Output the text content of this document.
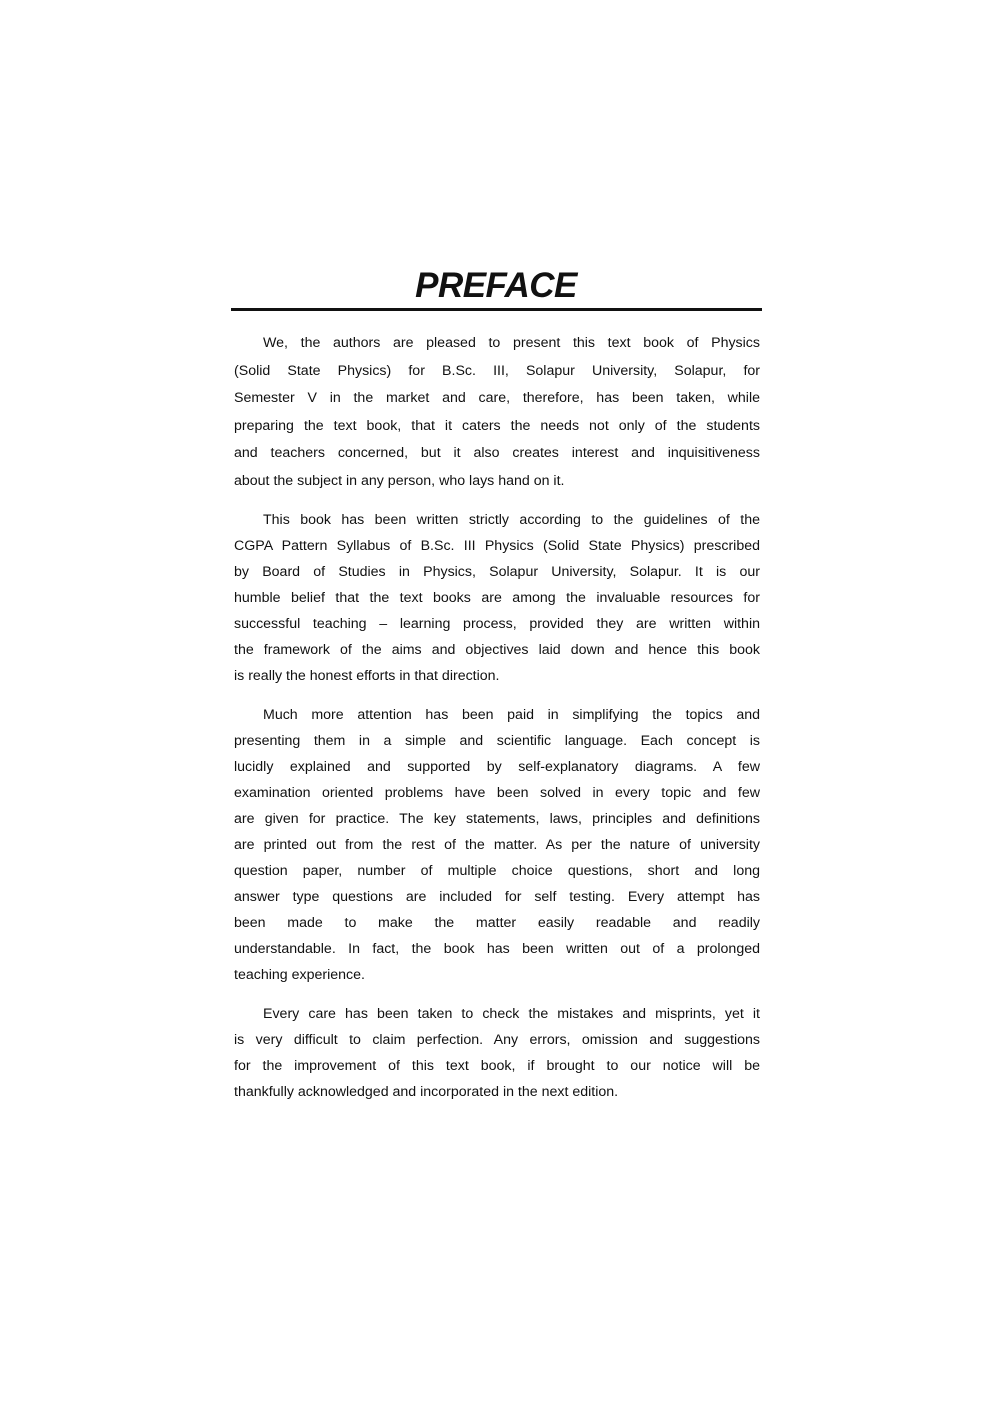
PREFACE
We, the authors are pleased to present this text book of Physics
(Solid State Physics) for B.Sc. III, Solapur University, Solapur, for
Semester V in the market and care, therefore, has been taken, while
preparing the text book, that it caters the needs not only of the students
and teachers concerned, but it also creates interest and inquisitiveness
about the subject in any person, who lays hand on it.
This book has been written strictly according to the guidelines of the
CGPA Pattern Syllabus of B.Sc. III Physics (Solid State Physics) prescribed
by Board of Studies in Physics, Solapur University, Solapur. It is our
humble belief that the text books are among the invaluable resources for
successful teaching – learning process, provided they are written within
the framework of the aims and objectives laid down and hence this book
is really the honest efforts in that direction.
Much more attention has been paid in simplifying the topics and
presenting them in a simple and scientific language. Each concept is
lucidly explained and supported by self-explanatory diagrams. A few
examination oriented problems have been solved in every topic and few
are given for practice. The key statements, laws, principles and definitions
are printed out from the rest of the matter. As per the nature of university
question paper, number of multiple choice questions, short and long
answer type questions are included for self testing. Every attempt has
been made to make the matter easily readable and readily
understandable. In fact, the book has been written out of a prolonged
teaching experience.
Every care has been taken to check the mistakes and misprints, yet it
is very difficult to claim perfection. Any errors, omission and suggestions
for the improvement of this text book, if brought to our notice will be
thankfully acknowledged and incorporated in the next edition.
